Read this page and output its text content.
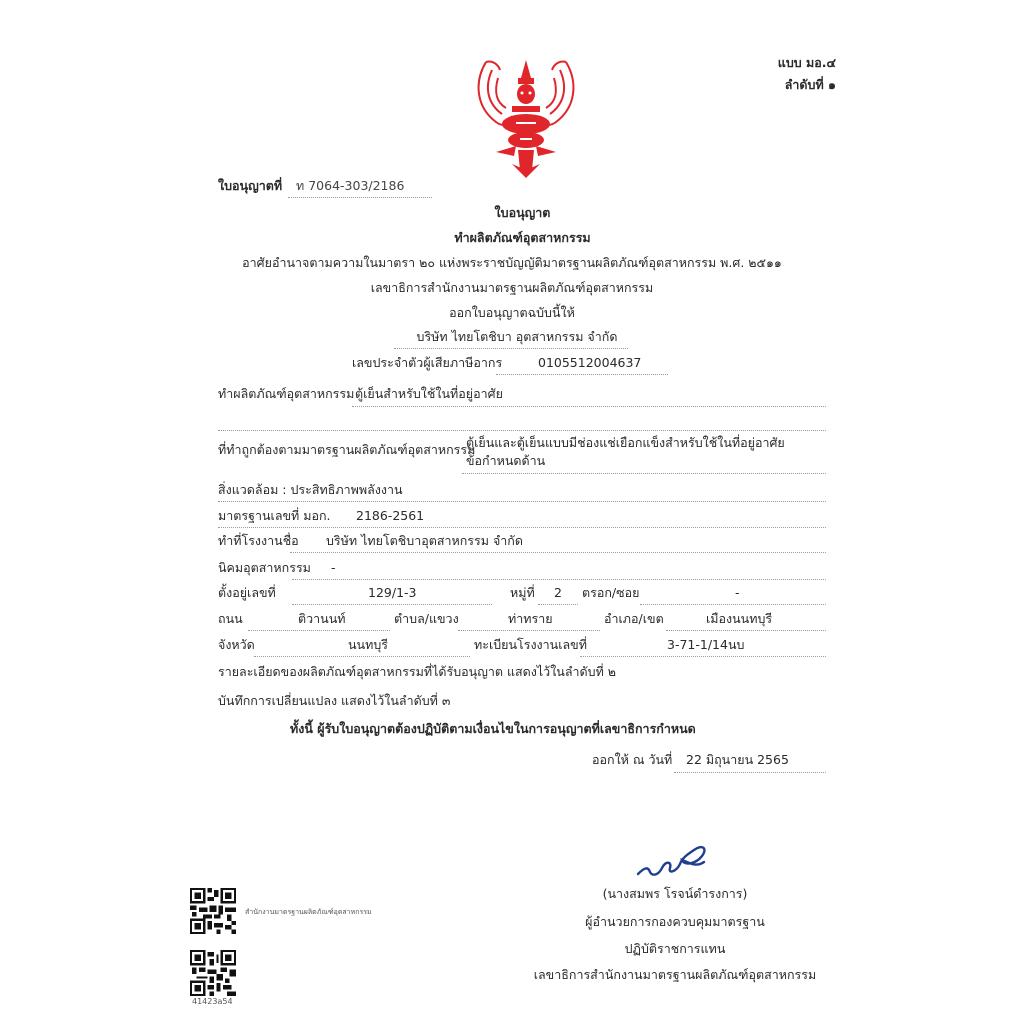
แบบ มอ.๔
ลำดับที่ ๑
ใบอนุญาตที่ ท 7064-303/2186
ใบอนุญาต
ทำผลิตภัณฑ์อุตสาหกรรม
อาศัยอำนาจตามความในมาตรา ๒๐ แห่งพระราชบัญญัติมาตรฐานผลิตภัณฑ์อุตสาหกรรม พ.ศ. ๒๕๑๑
เลขาธิการสำนักงานมาตรฐานผลิตภัณฑ์อุตสาหกรรม
ออกใบอนุญาตฉบับนี้ให้
บริษัท ไทยโตชิบา อุตสาหกรรม จำกัด
เลขประจำตัวผู้เสียภาษีอากร	0105512004637
ทำผลิตภัณฑ์อุตสาหกรรม ตู้เย็นสำหรับใช้ในที่อยู่อาศัย
ที่ทำถูกต้องตามมาตรฐานผลิตภัณฑ์อุตสาหกรรม
ตู้เย็นและตู้เย็นแบบมีช่องแช่เยือกแข็งสำหรับใช้ในที่อยู่อาศัย
ข้อกำหนดด้าน
สิ่งแวดล้อม : ประสิทธิภาพพลังงาน
มาตรฐานเลขที่ มอก. 2186-2561
ทำที่โรงงานชื่อ บริษัท ไทยโตชิบาอุตสาหกรรม จำกัด
นิคมอุตสาหกรรม -
ตั้งอยู่เลขที่	129/1-3	หมู่ที่ 2 ตรอก/ซอย	-
ถนน	ติวานนท์	ตำบล/แขวง	ท่าทราย	อำเภอ/เขต	เมืองนนทบุรี
จังหวัด	นนทบุรี	ทะเบียนโรงงานเลขที่	3-71-1/14นบ
รายละเอียดของผลิตภัณฑ์อุตสาหกรรมที่ได้รับอนุญาต แสดงไว้ในลำดับที่ ๒
บันทึกการเปลี่ยนแปลง แสดงไว้ในลำดับที่ ๓
ทั้งนี้ ผู้รับใบอนุญาตต้องปฏิบัติตามเงื่อนไขในการอนุญาตที่เลขาธิการกำหนด
ออกให้ ณ วันที่ 22 มิถุนายน 2565
(นางสมพร โรจน์ดำรงการ)
ผู้อำนวยการกองควบคุมมาตรฐาน
ปฏิบัติราชการแทน
เลขาธิการสำนักงานมาตรฐานผลิตภัณฑ์อุตสาหกรรม
สำนักงานมาตรฐานผลิตภัณฑ์อุตสาหกรรม
41423a54
